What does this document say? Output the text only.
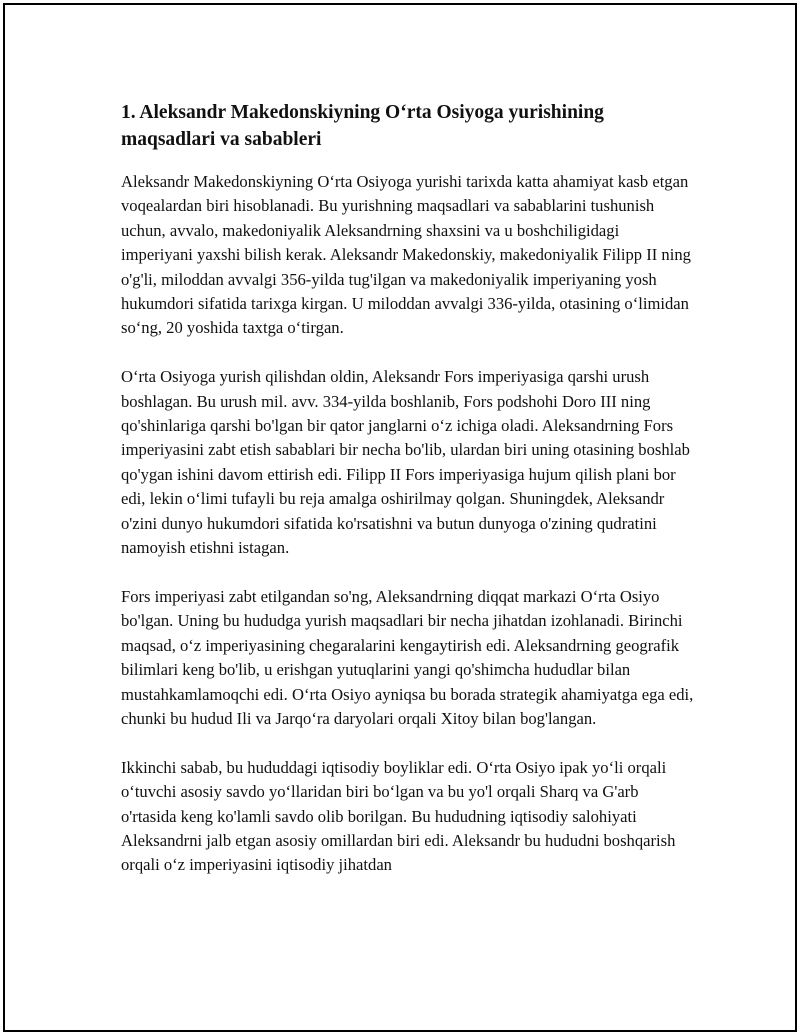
1. Aleksandr Makedonskiyning O‘rta Osiyoga yurishining maqsadlari va sabableri

Aleksandr Makedonskiyning O‘rta Osiyoga yurishi tarixda katta ahamiyat kasb etgan voqealardan biri hisoblanadi. Bu yurishning maqsadlari va sabablarini tushunish uchun, avvalo, makedoniyalik Aleksandrning shaxsini va u boshchiligidagi imperiyani yaxshi bilish kerak. Aleksandr Makedonskiy, makedoniyalik Filipp II ning o'g'li, miloddan avvalgi 356-yilda tug'ilgan va makedoniyalik imperiyaning yosh hukumdori sifatida tarixga kirgan. U miloddan avvalgi 336-yilda, otasining o‘limidan so‘ng, 20 yoshida taxtga o‘tirgan.

O‘rta Osiyoga yurish qilishdan oldin, Aleksandr Fors imperiyasiga qarshi urush boshlagan. Bu urush mil. avv. 334-yilda boshlanib, Fors podshohi Doro III ning qo'shinlariga qarshi bo'lgan bir qator janglarni o‘z ichiga oladi. Aleksandrning Fors imperiyasini zabt etish sabablari bir necha bo'lib, ulardan biri uning otasining boshlab qo'ygan ishini davom ettirish edi. Filipp II Fors imperiyasiga hujum qilish plani bor edi, lekin o‘limi tufayli bu reja amalga oshirilmay qolgan. Shuningdek, Aleksandr o'zini dunyo hukumdori sifatida ko'rsatishni va butun dunyoga o'zining qudratini namoyish etishni istagan.

Fors imperiyasi zabt etilgandan so'ng, Aleksandrning diqqat markazi O‘rta Osiyo bo'lgan. Uning bu hududga yurish maqsadlari bir necha jihatdan izohlanadi. Birinchi maqsad, o‘z imperiyasining chegaralarini kengaytirish edi. Aleksandrning geografik bilimlari keng bo'lib, u erishgan yutuqlarini yangi qo'shimcha hududlar bilan mustahkamlamoqchi edi. O‘rta Osiyo ayniqsa bu borada strategik ahamiyatga ega edi, chunki bu hudud Ili va Jarqo‘ra daryolari orqali Xitoy bilan bog'langan.

Ikkinchi sabab, bu hududdagi iqtisodiy boyliklar edi. O‘rta Osiyo ipak yo‘li orqali o‘tuvchi asosiy savdo yo‘llaridan biri bo‘lgan va bu yo'l orqali Sharq va G'arb o'rtasida keng ko'lamli savdo olib borilgan. Bu hududning iqtisodiy salohiyati Aleksandrni jalb etgan asosiy omillardan biri edi. Aleksandr bu hududni boshqarish orqali o‘z imperiyasini iqtisodiy jihatdan
